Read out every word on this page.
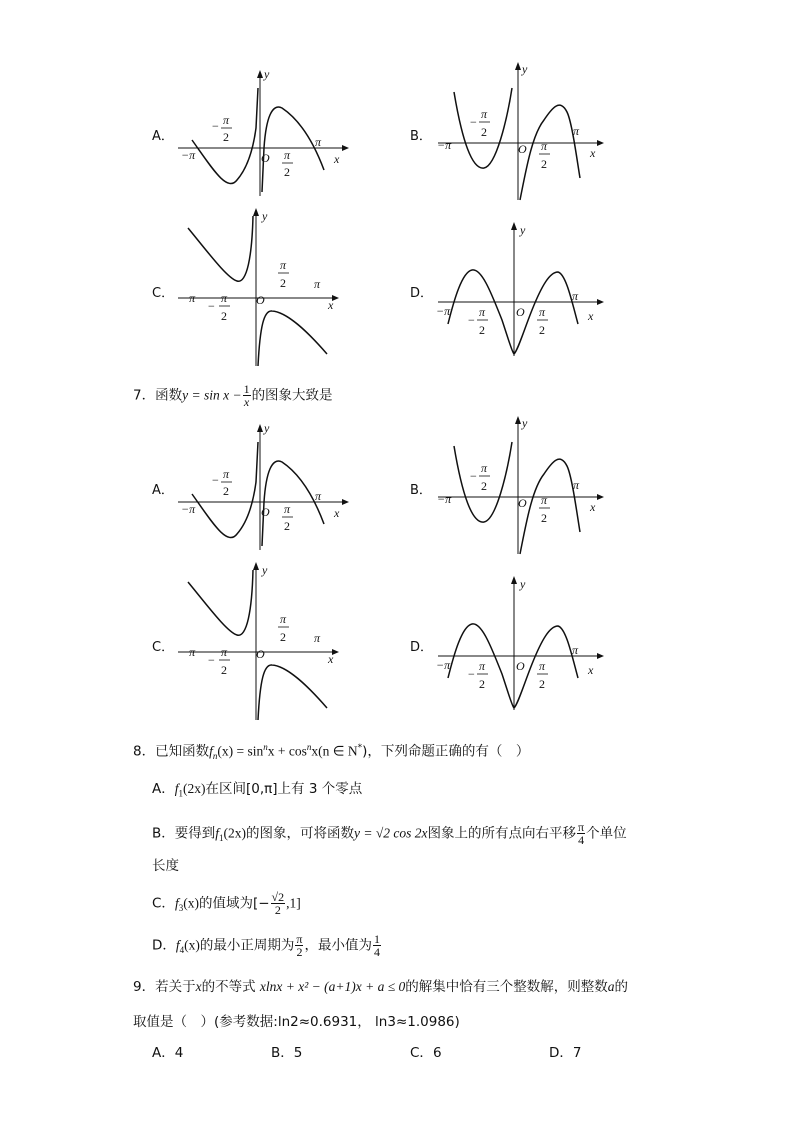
A．
y
x
O
−π
π
− π
2
π
2
B．
y
x
O
−π
π
−
π
2
π
2
C．
y
x
O
−π
π
π
2
−
π
2
D．
y
x
O
−π
π
−
π
2
π
2
7．函数$y = \sin x - \frac{1}{x}$ 的图象大致是
A．
y
x
O
−π
π
− π
2
π
2
B．
y
x
O
−π
π
−
π
2
π
2
C．
y
x
O
−π
π
π
2
−
π
2
D．
y
x
O
−π
π
−
π
2
π
2
8．已知函数$f_n(x) = \sin^nx + \cos^nx(n$ ∈ N*)，下列命题正确的有（　）
A．$f_1(2x)$在区间[0,π]上有 3 个零点
B．要得到$f_1(2x)$的图象，可将函数y = √2 cos 2x图象上的所有点向右平移 $\frac{\pi}{4}$ 个单位
长度
C．$f_3(x)$的值域为[− $\frac{√2}{2} ,1$]
D．$f_4(x)$的最小正周期为 $\frac{\pi}{2}$ ，最小值为 $\frac{1}{4}$
9．若关于x的不等式 xlnx + x² − (a+1)x + a ≤ 0的解集中恰有三个整数解，则整数a的
取值是（　）(参考数据:ln2≈0.6931， ln3≈1.0986)
A．4	B．5	C．6	D．7
